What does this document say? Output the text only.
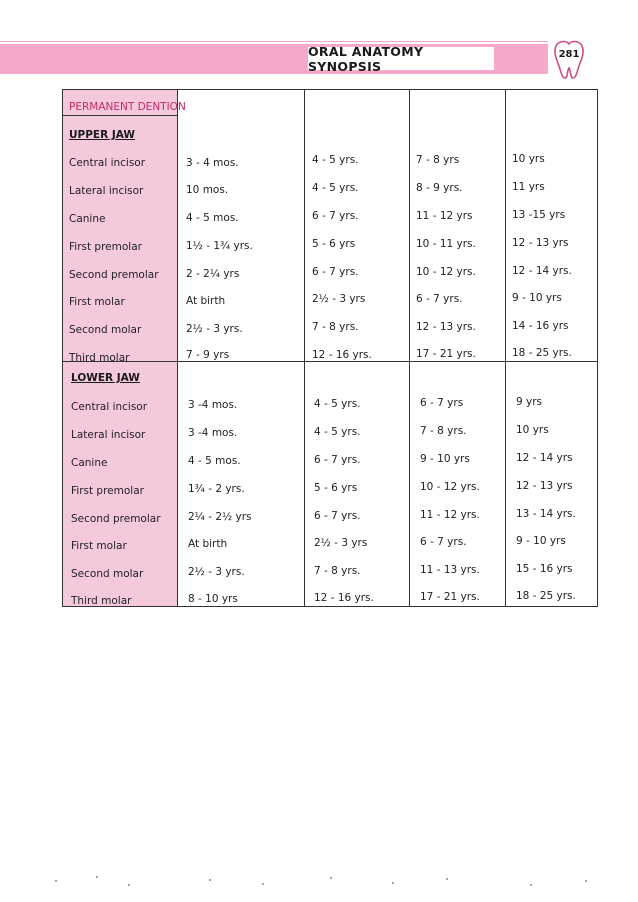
ORAL ANATOMY SYNOPSIS
281
PERMANENT DENTION
UPPER JAW
Central incisor	3 - 4 mos.	4 - 5 yrs.	7 - 8 yrs	10 yrs
Lateral incisor	10 mos.	4 - 5 yrs.	8 - 9 yrs.	11 yrs
Canine	4 - 5 mos.	6 - 7 yrs.	11 - 12 yrs	13 -15 yrs
First premolar	1½ - 1¾ yrs.	5 - 6 yrs	10 - 11 yrs.	12 - 13 yrs
Second premolar	2 - 2¼ yrs	6 - 7 yrs.	10 - 12 yrs.	12 - 14 yrs.
First molar	At birth	2½ - 3 yrs	6 - 7 yrs.	9 - 10 yrs
Second molar	2½ - 3 yrs.	7 - 8 yrs.	12 - 13 yrs.	14 - 16 yrs
Third molar	7 - 9 yrs	12 - 16 yrs.	17 - 21 yrs.	18 - 25 yrs.
LOWER JAW
Central incisor	3 -4 mos.	4 - 5 yrs.	6 - 7 yrs	9 yrs
Lateral incisor	3 -4 mos.	4 - 5 yrs.	7 - 8 yrs.	10 yrs
Canine	4 - 5 mos.	6 - 7 yrs.	9 - 10 yrs	12 - 14 yrs
First premolar	1¾ - 2 yrs.	5 - 6 yrs	10 - 12 yrs.	12 - 13 yrs
Second premolar	2¼ - 2½ yrs	6 - 7 yrs.	11 - 12 yrs.	13 - 14 yrs.
First molar	At birth	2½ - 3 yrs	6 - 7 yrs.	9 - 10 yrs
Second molar	2½ - 3 yrs.	7 - 8 yrs.	11 - 13 yrs.	15 - 16 yrs
Third molar	8 - 10 yrs	12 - 16 yrs.	17 - 21 yrs.	18 - 25 yrs.
